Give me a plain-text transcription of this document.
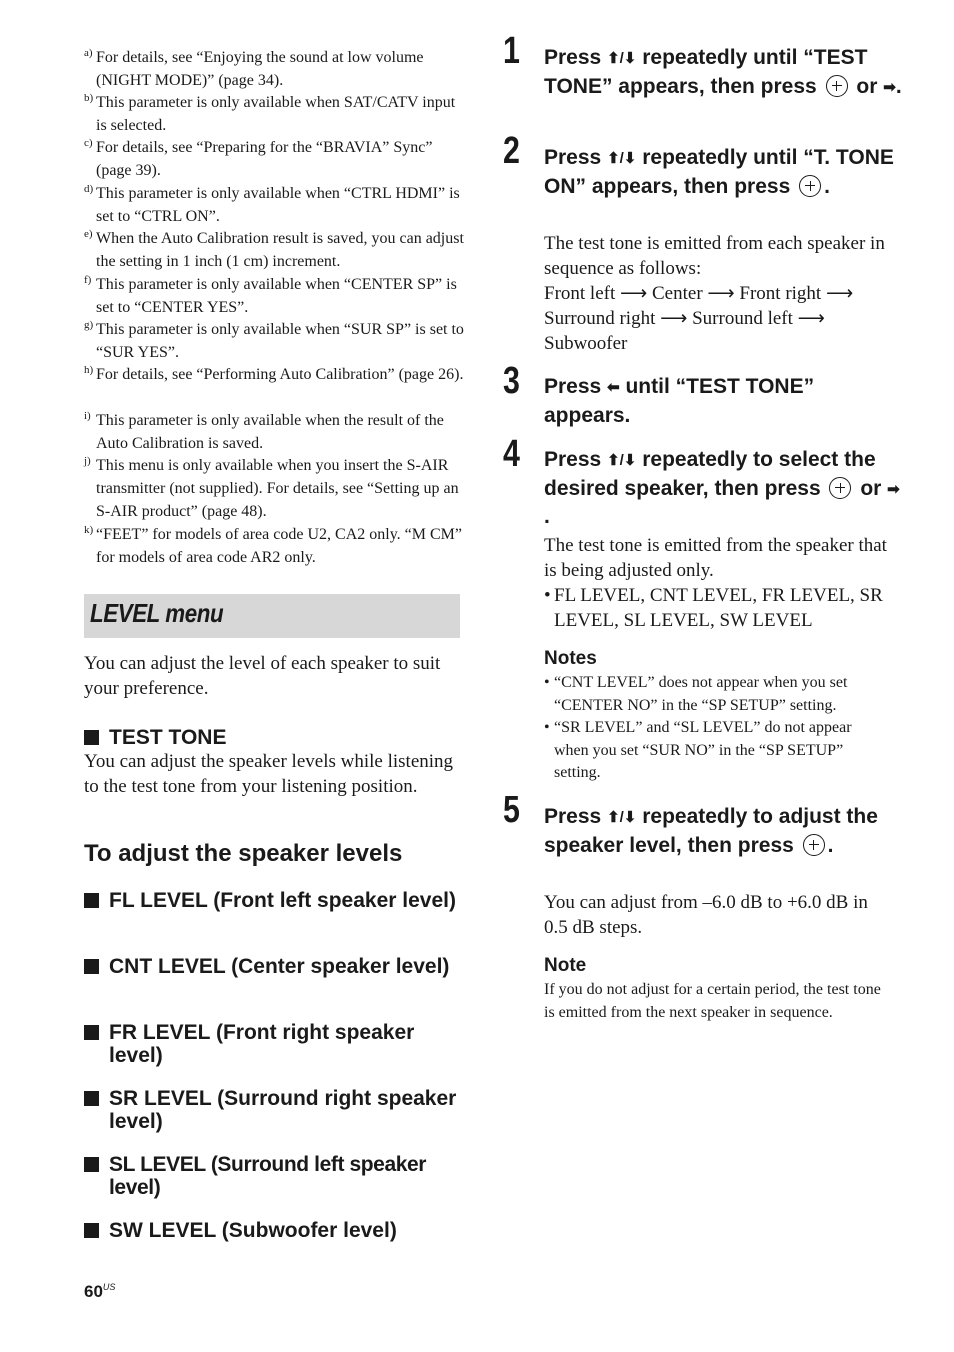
a) For details, see “Enjoying the sound at low volume (NIGHT MODE)” (page 34).
b) This parameter is only available when SAT/CATV input is selected.
c) For details, see “Preparing for the “BRAVIA” Sync” (page 39).
d) This parameter is only available when “CTRL HDMI” is set to “CTRL ON”.
e) When the Auto Calibration result is saved, you can adjust the setting in 1 inch (1 cm) increment.
f) This parameter is only available when “CENTER SP” is set to “CENTER YES”.
g) This parameter is only available when “SUR SP” is set to “SUR YES”.
h) For details, see “Performing Auto Calibration” (page 26).
i) This parameter is only available when the result of the Auto Calibration is saved.
j) This menu is only available when you insert the S-AIR transmitter (not supplied). For details, see “Setting up an S-AIR product” (page 48).
k) “FEET” for models of area code U2, CA2 only. “M CM” for models of area code AR2 only.
LEVEL menu
You can adjust the level of each speaker to suit your preference.
TEST TONE
You can adjust the speaker levels while listening to the test tone from your listening position.
To adjust the speaker levels
FL LEVEL (Front left speaker level)
CNT LEVEL (Center speaker level)
FR LEVEL (Front right speaker level)
SR LEVEL (Surround right speaker level)
SL LEVEL (Surround left speaker level)
SW LEVEL (Subwoofer level)
$60^{US}$
1 Press ⬆/⬇ repeatedly until “TEST TONE” appears, then press or ➡.
2 Press ⬆/⬇ repeatedly until “T. TONE ON” appears, then press .
The test tone is emitted from each speaker in sequence as follows:
Front left ⟶ Center ⟶ Front right ⟶
Surround right ⟶ Surround left ⟶
Subwoofer
3 Press ⬅ until “TEST TONE” appears.
4 Press ⬆/⬇ repeatedly to select the desired speaker, then press or ➡.
The test tone is emitted from the speaker that is being adjusted only.
• FL LEVEL, CNT LEVEL, FR LEVEL, SR LEVEL, SL LEVEL, SW LEVEL
Notes
• “CNT LEVEL” does not appear when you set “CENTER NO” in the “SP SETUP” setting.
• “SR LEVEL” and “SL LEVEL” do not appear when you set “SUR NO” in the “SP SETUP” setting.
5 Press ⬆/⬇ repeatedly to adjust the speaker level, then press .
You can adjust from –6.0 dB to +6.0 dB in 0.5 dB steps.
Note
If you do not adjust for a certain period, the test tone is emitted from the next speaker in sequence.
